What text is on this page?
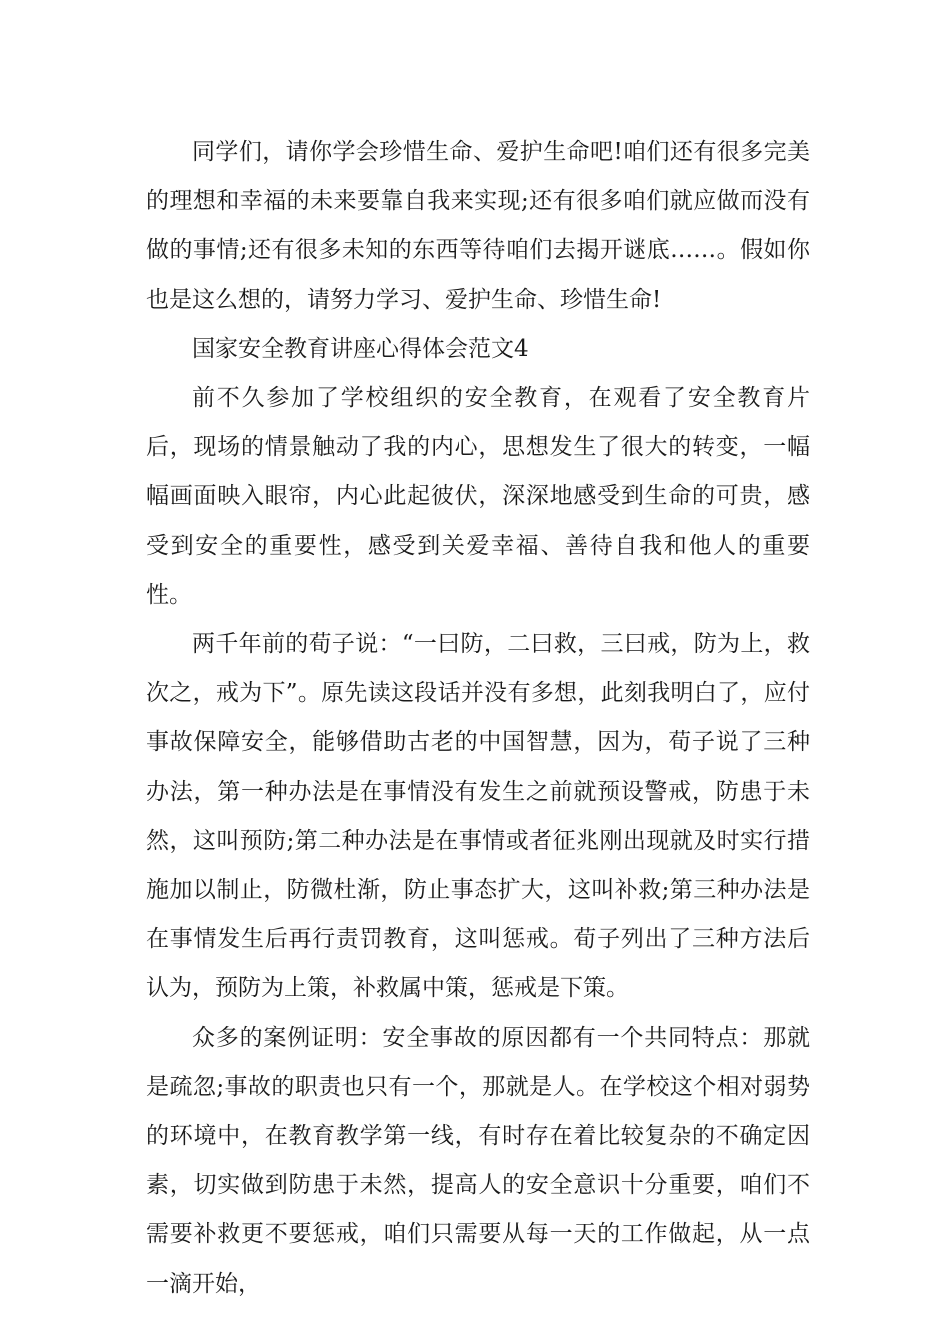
同学们，请你学会珍惜生命、爱护生命吧!咱们还有很多完美的理想和幸福的未来要靠自我来实现;还有很多咱们就应做而没有做的事情;还有很多未知的东西等待咱们去揭开谜底……。假如你也是这么想的，请努力学习、爱护生命、珍惜生命!

国家安全教育讲座心得体会范文4

前不久参加了学校组织的安全教育，在观看了安全教育片后，现场的情景触动了我的内心，思想发生了很大的转变，一幅幅画面映入眼帘，内心此起彼伏，深深地感受到生命的可贵，感受到安全的重要性，感受到关爱幸福、善待自我和他人的重要性。

两千年前的荀子说：“一曰防，二曰救，三曰戒，防为上，救次之，戒为下”。原先读这段话并没有多想，此刻我明白了，应付事故保障安全，能够借助古老的中国智慧，因为，荀子说了三种办法，第一种办法是在事情没有发生之前就预设警戒，防患于未然，这叫预防;第二种办法是在事情或者征兆刚出现就及时实行措施加以制止，防微杜渐，防止事态扩大，这叫补救;第三种办法是在事情发生后再行责罚教育，这叫惩戒。荀子列出了三种方法后认为，预防为上策，补救属中策，惩戒是下策。

众多的案例证明：安全事故的原因都有一个共同特点：那就是疏忽;事故的职责也只有一个，那就是人。在学校这个相对弱势的环境中，在教育教学第一线，有时存在着比较复杂的不确定因素，切实做到防患于未然，提高人的安全意识十分重要，咱们不需要补救更不要惩戒，咱们只需要从每一天的工作做起，从一点一滴开始，
